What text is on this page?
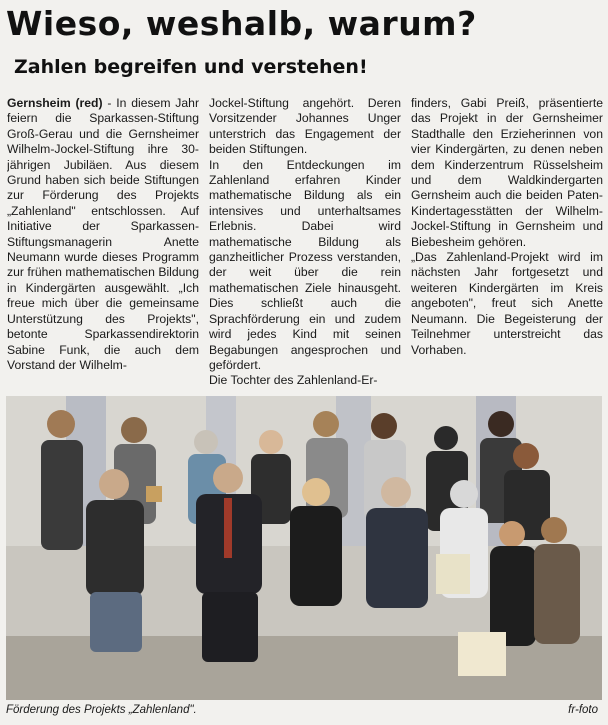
Wieso, weshalb, warum?
Zahlen begreifen und verstehen!

Gernsheim (red) - In diesem Jahr feiern die Sparkassen-Stiftung Groß-Gerau und die Gernsheimer Wilhelm-Jockel-Stiftung ihre 30-jährigen Jubiläen. Aus diesem Grund haben sich beide Stiftungen zur Förderung des Projekts „Zahlenland" entschlossen. Auf Initiative der Sparkassen-Stiftungsmanagerin Anette Neumann wurde dieses Programm zur frühen mathematischen Bildung in Kindergärten ausgewählt. „Ich freue mich über die gemeinsame Unterstützung des Projekts", betonte Sparkassendirektorin Sabine Funk, die auch dem Vorstand der Wilhelm-

Jockel-Stiftung angehört. Deren Vorsitzender Johannes Unger unterstrich das Engagement der beiden Stiftungen.

In den Entdeckungen im Zahlenland erfahren Kinder mathematische Bildung als ein intensives und unterhaltsames Erlebnis. Dabei wird mathematische Bildung als ganzheitlicher Prozess verstanden, der weit über die rein mathematischen Ziele hinausgeht. Dies schließt auch die Sprachförderung ein und zudem wird jedes Kind mit seinen Begabungen angesprochen und gefördert.

Die Tochter des Zahlenland-Er-

finders, Gabi Preiß, präsentierte das Projekt in der Gernsheimer Stadthalle den Erzieherinnen von vier Kindergärten, zu denen neben dem Kinderzentrum Rüsselsheim und dem Waldkindergarten Gernsheim auch die beiden Paten-Kindertagesstätten der Wilhelm-Jockel-Stiftung in Gernsheim und Biebesheim gehören.

„Das Zahlenland-Projekt wird im nächsten Jahr fortgesetzt und weiteren Kindergärten im Kreis angeboten", freut sich Anette Neumann. Die Begeisterung der Teilnehmer unterstreicht das Vorhaben.

Förderung des Projekts „Zahlenland".	fr-foto
